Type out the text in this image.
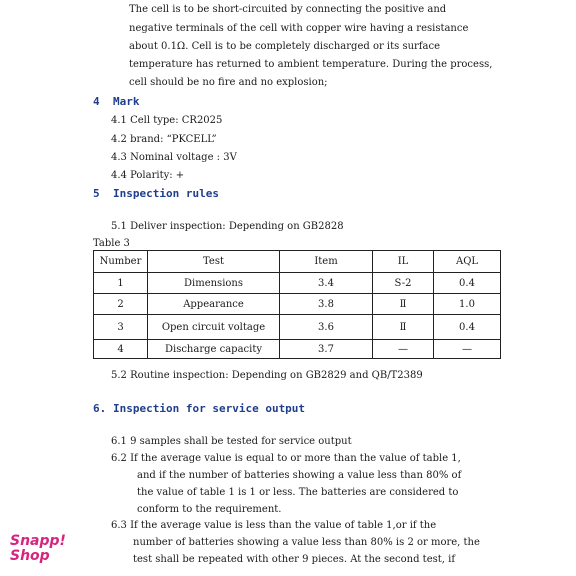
The cell is to be short-circuited by connecting the positive and
negative terminals of the cell with copper wire having a resistance
about 0.1Ω. Cell is to be completely discharged or its surface
temperature has returned to ambient temperature. During the process,
cell should be no fire and no explosion;
4 Mark
4.1 Cell type: CR2025
4.2 brand: “PKCELL”
4.3 Nominal voltage : 3V
4.4 Polarity: +
5 Inspection rules
5.1 Deliver inspection: Depending on GB2828
Table 3
Number	Test	Item	IL	AQL
1	Dimensions	3.4	S-2	0.4
2	Appearance	3.8	Ⅱ	1.0
3	Open circuit voltage	3.6	Ⅱ	0.4
4	Discharge capacity	3.7	—	—
5.2 Routine inspection: Depending on GB2829 and QB/T2389
6. Inspection for service output
6.1 9 samples shall be tested for service output
6.2 If the average value is equal to or more than the value of table 1,
and if the number of batteries showing a value less than 80% of
the value of table 1 is 1 or less. The batteries are considered to
conform to the requirement.
6.3 If the average value is less than the value of table 1,or if the
number of batteries showing a value less than 80% is 2 or more, the
test shall be repeated with other 9 pieces. At the second test, if
Snapp!
Shop
